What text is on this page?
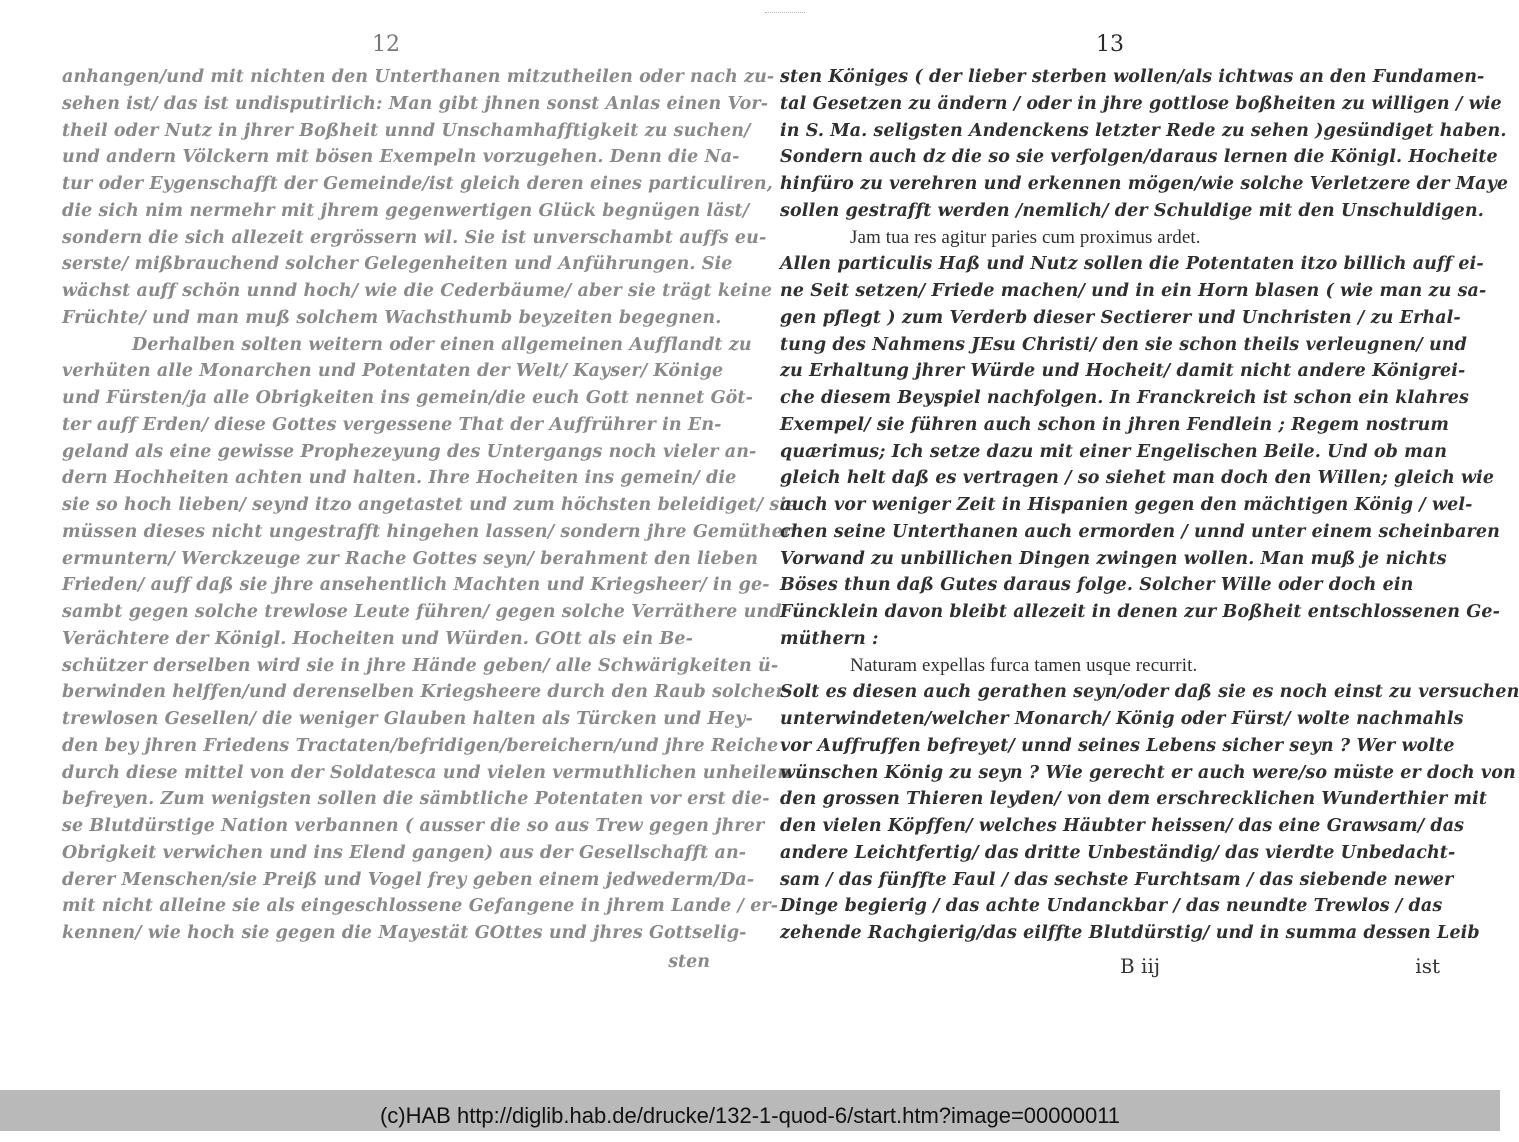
12
anhangen/und mit nichten den Unterthanen mitzutheilen oder nach zu-
sehen ist/ das ist undisputirlich: Man gibt jhnen sonst Anlas einen Vor-
theil oder Nutz in jhrer Boßheit unnd Unschamhafftigkeit zu suchen/
und andern Völckern mit bösen Exempeln vorzugehen. Denn die Na-
tur oder Eygenschafft der Gemeinde/ist gleich deren eines particuliren,
die sich nim nermehr mit jhrem gegenwertigen Glück begnügen läst/
sondern die sich allezeit ergrössern wil. Sie ist unverschambt auffs eu-
serste/ mißbrauchend solcher Gelegenheiten und Anführungen. Sie
wächst auff schön unnd hoch/ wie die Cederbäume/ aber sie trägt keine
Früchte/ und man muß solchem Wachsthumb beyzeiten begegnen.
Derhalben solten weitern oder einen allgemeinen Aufflandt zu
verhüten alle Monarchen und Potentaten der Welt/ Kayser/ Könige
und Fürsten/ja alle Obrigkeiten ins gemein/die euch Gott nennet Göt-
ter auff Erden/ diese Gottes vergessene That der Auffrührer in En-
geland als eine gewisse Prophezeyung des Untergangs noch vieler an-
dern Hochheiten achten und halten. Ihre Hocheiten ins gemein/ die
sie so hoch lieben/ seynd itzo angetastet und zum höchsten beleidiget/ sie
müssen dieses nicht ungestrafft hingehen lassen/ sondern jhre Gemüther
ermuntern/ Werckzeuge zur Rache Gottes seyn/ berahment den lieben
Frieden/ auff daß sie jhre ansehentlich Machten und Kriegsheer/ in ge-
sambt gegen solche trewlose Leute führen/ gegen solche Verräthere und
Verächtere der Königl. Hocheiten und Würden. GOtt als ein Be-
schützer derselben wird sie in jhre Hände geben/ alle Schwärigkeiten ü-
berwinden helffen/und derenselben Kriegsheere durch den Raub solcher
trewlosen Gesellen/ die weniger Glauben halten als Türcken und Hey-
den bey jhren Friedens Tractaten/befridigen/bereichern/und jhre Reiche
durch diese mittel von der Soldatesca und vielen vermuthlichen unheilen
befreyen. Zum wenigsten sollen die sämbtliche Potentaten vor erst die-
se Blutdürstige Nation verbannen ( ausser die so aus Trew gegen jhrer
Obrigkeit verwichen und ins Elend gangen) aus der Gesellschafft an-
derer Menschen/sie Preiß und Vogel frey geben einem jedwederm/Da-
mit nicht alleine sie als eingeschlossene Gefangene in jhrem Lande / er-
kennen/ wie hoch sie gegen die Mayestät GOttes und jhres Gottselig-
sten
13
sten Königes ( der lieber sterben wollen/als ichtwas an den Fundamen-
tal Gesetzen zu ändern / oder in jhre gottlose boßheiten zu willigen / wie
in S. Ma. seligsten Andenckens letzter Rede zu sehen )gesündiget haben.
Sondern auch dz die so sie verfolgen/daraus lernen die Königl. Hocheite
hinfüro zu verehren und erkennen mögen/wie solche Verletzere der Maye
sollen gestrafft werden /nemlich/ der Schuldige mit den Unschuldigen.
Jam tua res agitur paries cum proximus ardet.
Allen particulis Haß und Nutz sollen die Potentaten itzo billich auff ei-
ne Seit setzen/ Friede machen/ und in ein Horn blasen ( wie man zu sa-
gen pflegt ) zum Verderb dieser Sectierer und Unchristen / zu Erhal-
tung des Nahmens JEsu Christi/ den sie schon theils verleugnen/ und
zu Erhaltung jhrer Würde und Hocheit/ damit nicht andere Königrei-
che diesem Beyspiel nachfolgen. In Franckreich ist schon ein klahres
Exempel/ sie führen auch schon in jhren Fendlein ; Regem nostrum
quærimus; Ich setze dazu mit einer Engelischen Beile. Und ob man
gleich helt daß es vertragen / so siehet man doch den Willen; gleich wie
auch vor weniger Zeit in Hispanien gegen den mächtigen König / wel-
chen seine Unterthanen auch ermorden / unnd unter einem scheinbaren
Vorwand zu unbillichen Dingen zwingen wollen. Man muß je nichts
Böses thun daß Gutes daraus folge. Solcher Wille oder doch ein
Füncklein davon bleibt allezeit in denen zur Boßheit entschlossenen Ge-
müthern :
Naturam expellas furca tamen usque recurrit.
Solt es diesen auch gerathen seyn/oder daß sie es noch einst zu versuchen
unterwindeten/welcher Monarch/ König oder Fürst/ wolte nachmahls
vor Auffruffen befreyet/ unnd seines Lebens sicher seyn ? Wer wolte
wünschen König zu seyn ? Wie gerecht er auch were/so müste er doch von
den grossen Thieren leyden/ von dem erschrecklichen Wunderthier mit
den vielen Köpffen/ welches Häubter heissen/ das eine Grawsam/ das
andere Leichtfertig/ das dritte Unbeständig/ das vierdte Unbedacht-
sam / das fünffte Faul / das sechste Furchtsam / das siebende newer
Dinge begierig / das achte Undanckbar / das neundte Trewlos / das
zehende Rachgierig/das eilffte Blutdürstig/ und in summa dessen Leib
B iij	ist
(c)HAB http://diglib.hab.de/drucke/132-1-quod-6/start.htm?image=00000011
